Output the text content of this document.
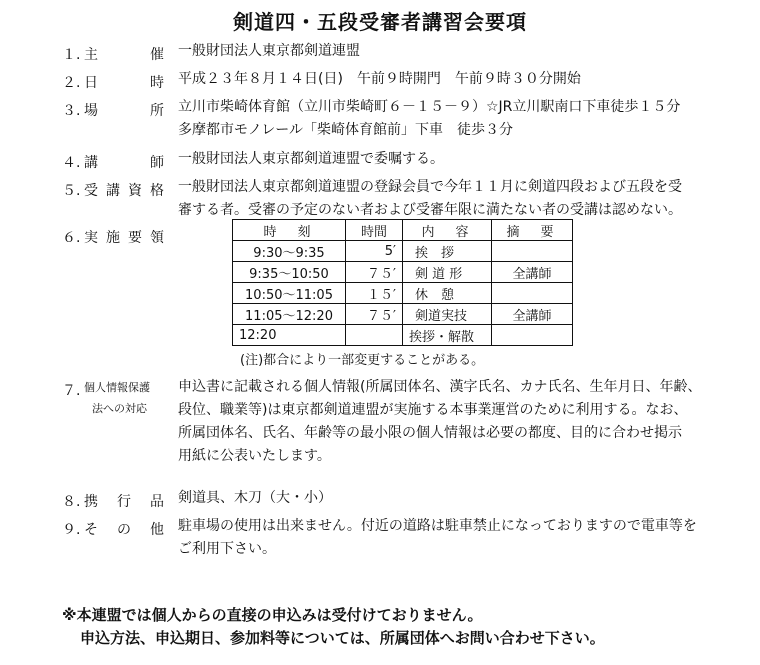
剣道四・五段受審者講習会要項
１. 主	催 一般財団法人東京都剣道連盟
２. 日	時 平成２３年８月１４日(日)　午前９時開門　午前９時３０分開始
３. 場	所 立川市柴崎体育館（立川市柴崎町６－１５－９）☆JR立川駅南口下車徒歩１５分
多摩都市モノレール「柴崎体育館前」下車　徒歩３分
４. 講	師 一般財団法人東京都剣道連盟で委嘱する。
５. 受 講 資 格 一般財団法人東京都剣道連盟の登録会員で今年１１月に剣道四段および五段を受
審する者。受審の予定のない者および受審年限に満たない者の受講は認めない。
６. 実 施 要 領	時　刻	時間	内　容	摘　要
9:30～9:35	5′	挨　拶	
9:35～10:50	７５′	剣 道 形	全講師
10:50～11:05	１５′	休　憩	
11:05～12:20	７５′	剣道実技	全講師
12:20		挨拶・解散	
(注)都合により一部変更することがある。
７. 個人情報保護
法への対応
申込書に記載される個人情報(所属団体名、漢字氏名、カナ氏名、生年月日、年齢、
段位、職業等)は東京都剣道連盟が実施する本事業運営のために利用する。なお、
所属団体名、氏名、年齢等の最小限の個人情報は必要の都度、目的に合わせ掲示
用紙に公表いたします。
８. 携 行 品 剣道具、木刀（大・小）
９. そ の 他 駐車場の使用は出来ません。付近の道路は駐車禁止になっておりますので電車等を
ご利用下さい。
※本連盟では個人からの直接の申込みは受付けておりません。
申込方法、申込期日、参加料等については、所属団体へお問い合わせ下さい。
